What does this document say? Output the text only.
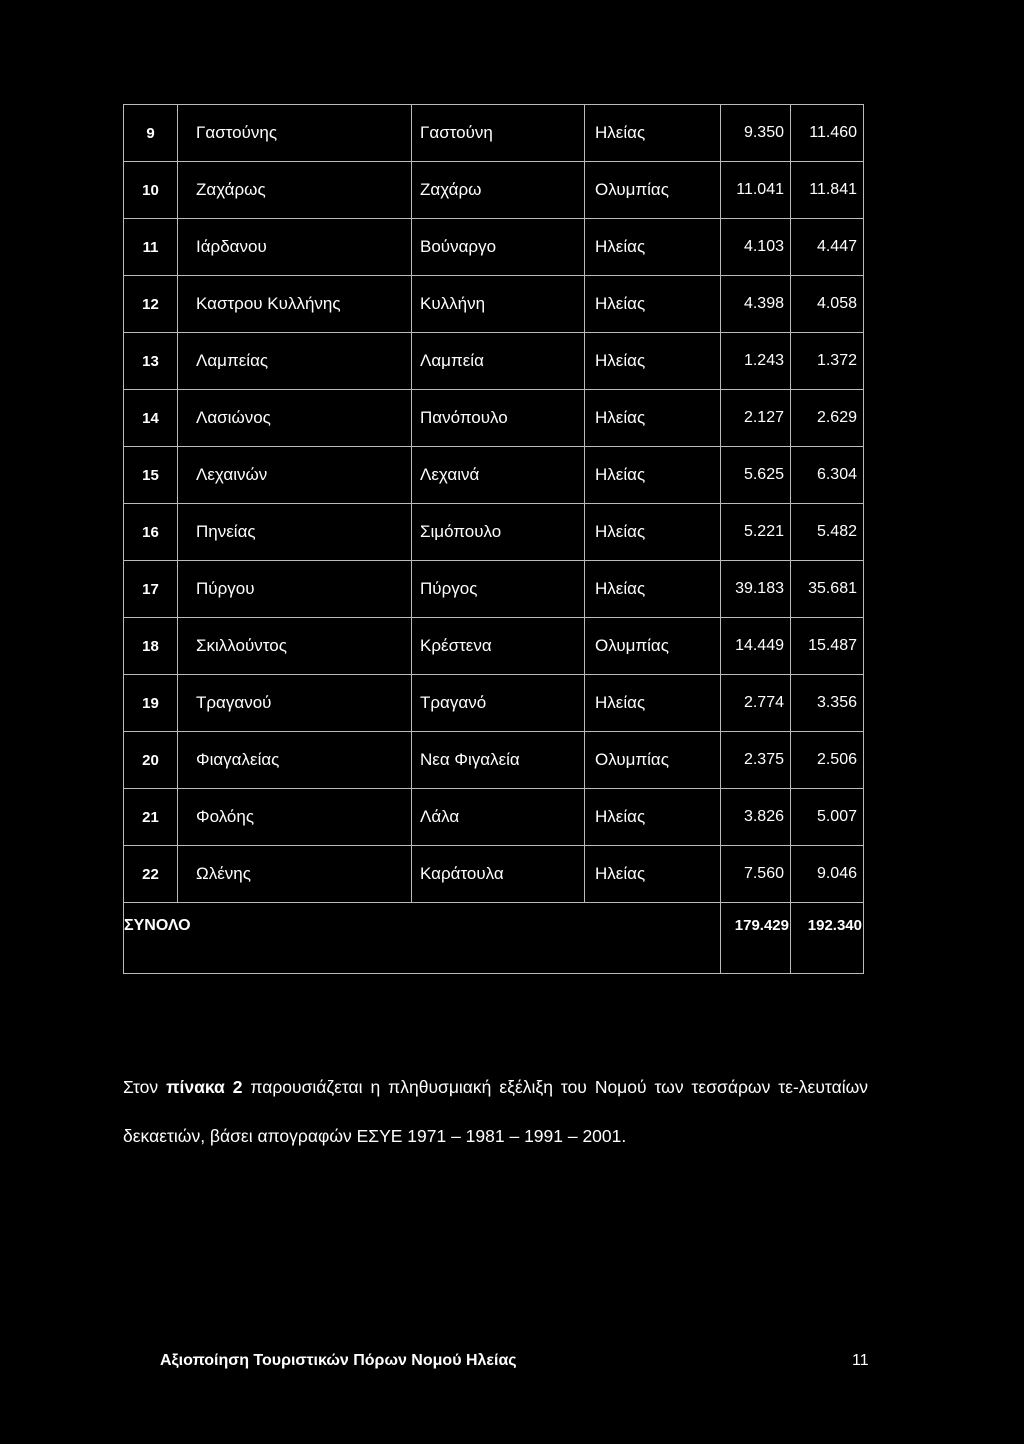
9	Γαστούνης	Γαστούνη	Ηλείας	9.350	11.460
10	Ζαχάρως	Ζαχάρω	Ολυμπίας	11.041	11.841
11	Ιάρδανου	Βούναργο	Ηλείας	4.103	4.447
12	Καστρου Κυλλήνης	Κυλλήνη	Ηλείας	4.398	4.058
13	Λαμπείας	Λαμπεία	Ηλείας	1.243	1.372
14	Λασιώνος	Πανόπουλο	Ηλείας	2.127	2.629
15	Λεχαινών	Λεχαινά	Ηλείας	5.625	6.304
16	Πηνείας	Σιμόπουλο	Ηλείας	5.221	5.482
17	Πύργου	Πύργος	Ηλείας	39.183	35.681
18	Σκιλλούντος	Κρέστενα	Ολυμπίας	14.449	15.487
19	Τραγανού	Τραγανό	Ηλείας	2.774	3.356
20	Φιαγαλείας	Νεα Φιγαλεία	Ολυμπίας	2.375	2.506
21	Φολόης	Λάλα	Ηλείας	3.826	5.007
22	Ωλένης	Καράτουλα	Ηλείας	7.560	9.046
ΣΥΝΟΛΟ				179.429	192.340

Στον πίνακα 2 παρουσιάζεται η πληθυσμιακή εξέλιξη του Νομού των τεσσάρων τε-λευταίων δεκαετιών, βάσει απογραφών ΕΣΥΕ 1971 – 1981 – 1991 – 2001.

Αξιοποίηση Τουριστικών Πόρων Νομού Ηλείας	11
